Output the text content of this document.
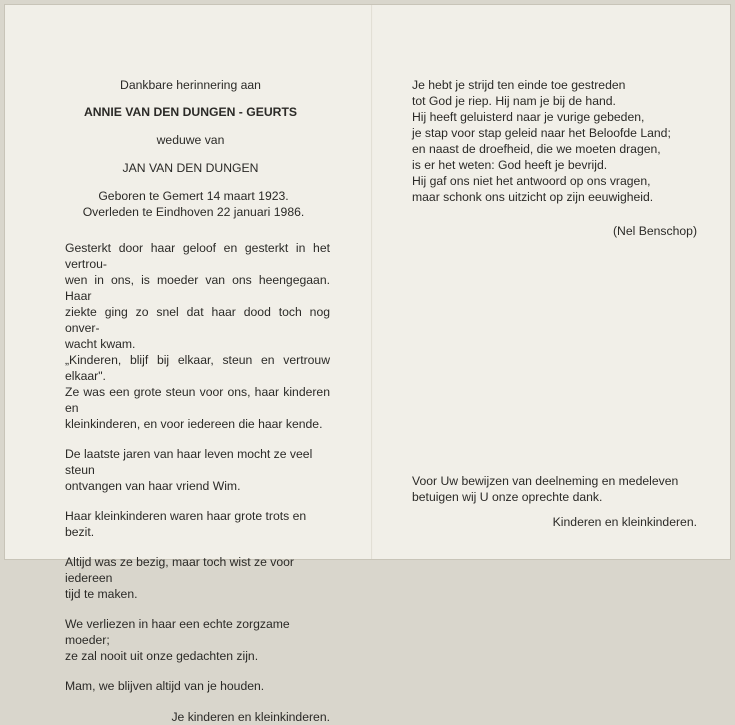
Dankbare herinnering aan

ANNIE VAN DEN DUNGEN - GEURTS

weduwe van

JAN VAN DEN DUNGEN

Geboren te Gemert 14 maart 1923.

Overleden te Eindhoven 22 januari 1986.

Gesterkt door haar geloof en gesterkt in het vertrou-
wen in ons, is moeder van ons heengegaan. Haar
ziekte ging zo snel dat haar dood toch nog onver-
wacht kwam.
„Kinderen, blijf bij elkaar, steun en vertrouw elkaar".
Ze was een grote steun voor ons, haar kinderen en
kleinkinderen, en voor iedereen die haar kende.
De laatste jaren van haar leven mocht ze veel steun
ontvangen van haar vriend Wim.

Haar kleinkinderen waren haar grote trots en bezit.

Altijd was ze bezig, maar toch wist ze voor iedereen
tijd te maken.
We verliezen in haar een echte zorgzame moeder;
ze zal nooit uit onze gedachten zijn.

Mam, we blijven altijd van je houden.

Je kinderen en kleinkinderen.

Je hebt je strijd ten einde toe gestreden
tot God je riep. Hij nam je bij de hand.
Hij heeft geluisterd naar je vurige gebeden,
je stap voor stap geleid naar het Beloofde Land;
en naast de droefheid, die we moeten dragen,
is er het weten: God heeft je bevrijd.
Hij gaf ons niet het antwoord op ons vragen,
maar schonk ons uitzicht op zijn eeuwigheid.

(Nel Benschop)

Voor Uw bewijzen van deelneming en medeleven
betuigen wij U onze oprechte dank.

Kinderen en kleinkinderen.
